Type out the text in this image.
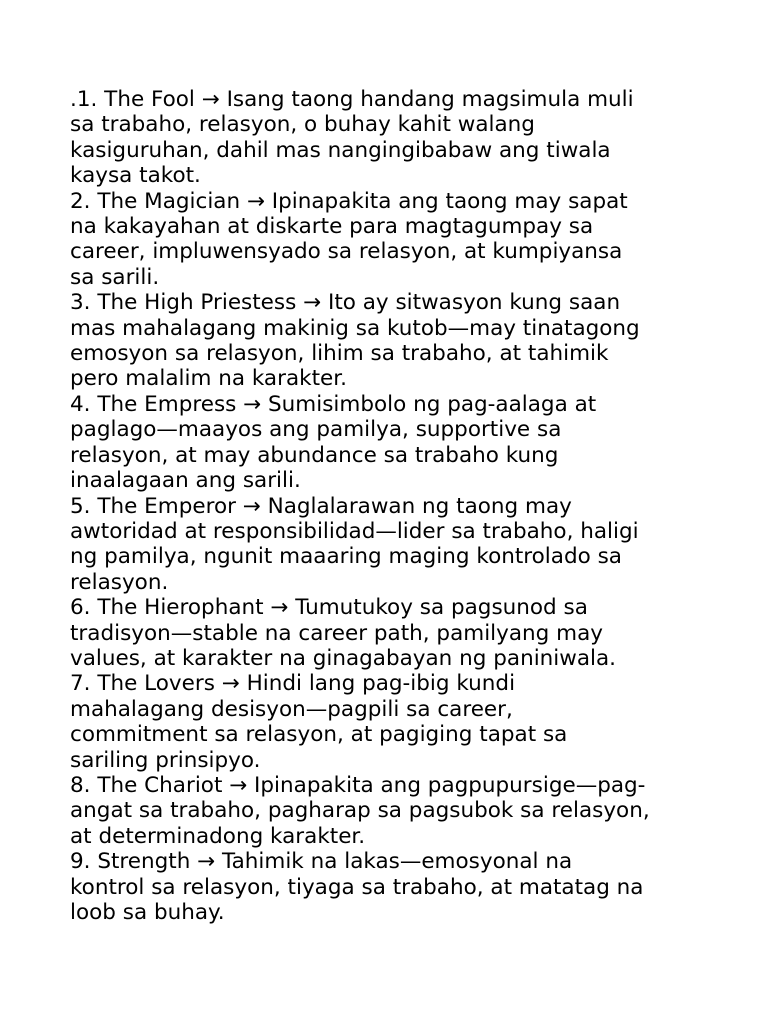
.1. The Fool → Isang taong handang magsimula muli
sa trabaho, relasyon, o buhay kahit walang
kasiguruhan, dahil mas nangingibabaw ang tiwala
kaysa takot.

2. The Magician → Ipinapakita ang taong may sapat
na kakayahan at diskarte para magtagumpay sa
career, impluwensyado sa relasyon, at kumpiyansa
sa sarili.

3. The High Priestess → Ito ay sitwasyon kung saan
mas mahalagang makinig sa kutob—may tinatagong
emosyon sa relasyon, lihim sa trabaho, at tahimik
pero malalim na karakter.

4. The Empress → Sumisimbolo ng pag-aalaga at
paglago—maayos ang pamilya, supportive sa
relasyon, at may abundance sa trabaho kung
inaalagaan ang sarili.

5. The Emperor → Naglalarawan ng taong may
awtoridad at responsibilidad—lider sa trabaho, haligi
ng pamilya, ngunit maaaring maging kontrolado sa
relasyon.

6. The Hierophant → Tumutukoy sa pagsunod sa
tradisyon—stable na career path, pamilyang may
values, at karakter na ginagabayan ng paniniwala.

7. The Lovers → Hindi lang pag-ibig kundi
mahalagang desisyon—pagpili sa career,
commitment sa relasyon, at pagiging tapat sa
sariling prinsipyo.

8. The Chariot → Ipinapakita ang pagpupursige—pag-
angat sa trabaho, pagharap sa pagsubok sa relasyon,
at determinadong karakter.

9. Strength → Tahimik na lakas—emosyonal na
kontrol sa relasyon, tiyaga sa trabaho, at matatag na
loob sa buhay.
